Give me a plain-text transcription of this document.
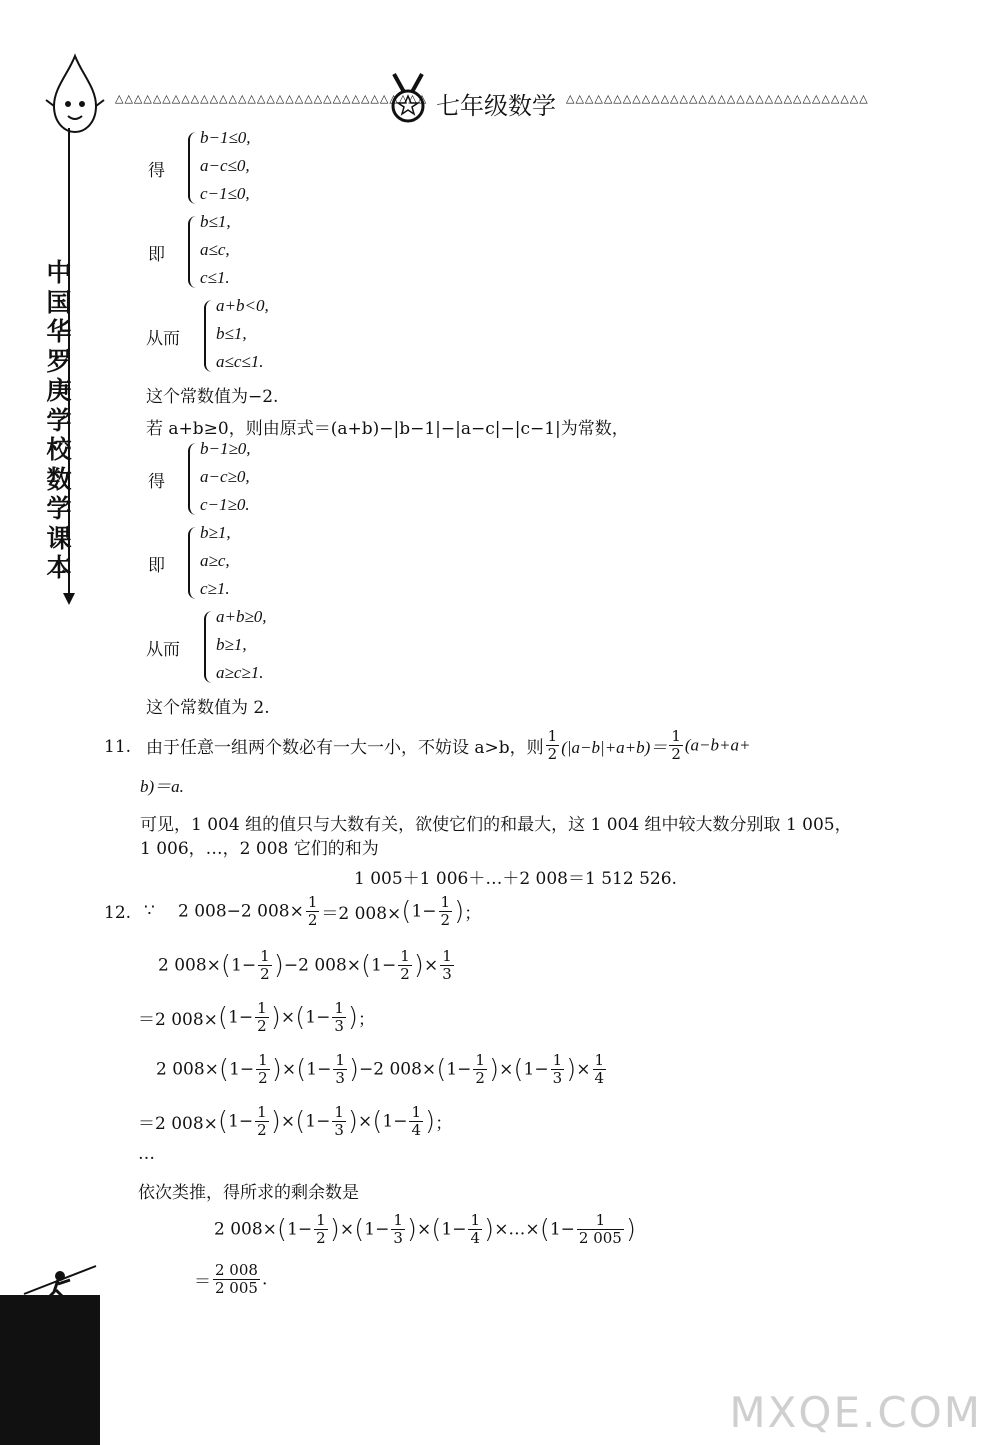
△△△△△△△△△△△△△△△△△△△△△△△△△△△△△△△△△ 七年级数学 △△△△△△△△△△△△△△△△△△△△△△△△△△△△△△△△
中国华罗庚学校数学课本
得
b−1≤0,
a−c≤0,
c−1≤0,
即
b≤1,
a≤c,
c≤1.
从而
a+b<0,
b≤1,
a≤c≤1.
这个常数值为−2.
若 a+b≥0，则由原式＝(a+b)−|b−1|−|a−c|−|c−1|为常数，
得
b−1≥0,
a−c≥0,
c−1≥0.
即
b≥1,
a≥c,
c≥1.
从而
a+b≥0,
b≥1,
a≥c≥1.
这个常数值为 2.
11. 由于任意一组两个数必有一大一小，不妨设 a>b，则 $\frac{1}{2} (|a-b|+a+b)= \frac{1}{2} (a-b+a+$
b)＝a.
可见，1 004 组的值只与大数有关，欲使它们的和最大，这 1 004 组中较大数分别取 1 005，
1 006，…，2 008 它们的和为
1 005＋1 006＋…＋2 008＝1 512 526.
12. ∵ 2 008−2 $008\times \frac{1}{2} =2$ $008\times(1- \frac{1}{2}$ )；
2 $008\times(1- \frac{1}{2} )-2$ $008\times(1- \frac{1}{2}$ )× $\frac{1}{3}$
＝2 $008\times(1- \frac{1}{2} )\times(1- \frac{1}{3}$ )；
2 $008\times(1- \frac{1}{2} )\times(1- \frac{1}{3} )-2$ $008\times(1- \frac{1}{2} )\times(1- \frac{1}{3}$ )× $\frac{1}{4}$
＝2 $008\times(1- \frac{1}{2} )\times(1- \frac{1}{3} )\times(1- \frac{1}{4}$ )；
…
依次类推，得所求的剩余数是
2 $008\times(1- \frac{1}{2} )\times(1- \frac{1}{3} )\times(1- \frac{1}{4}$ )×…×(1− $\frac{1}{2 005}$ )
＝ $\frac{2 008}{2 005}$ .
MXQE.COM
